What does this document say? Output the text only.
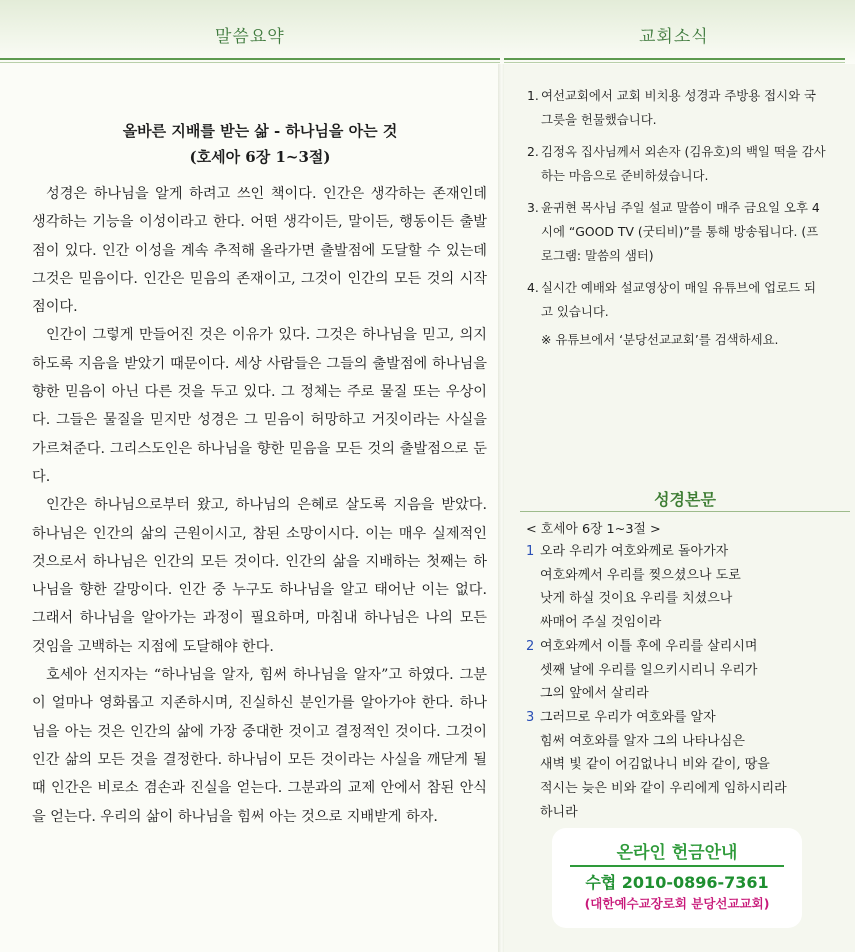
말씀요약	교회소식
올바른 지배를 받는 삶 - 하나님을 아는 것
(호세아 6장 1~3절)

성경은 하나님을 알게 하려고 쓰인 책이다. 인간은 생각하는 존재인데 생각하는 기능을 이성이라고 한다. 어떤 생각이든, 말이든, 행동이든 출발점이 있다. 인간 이성을 계속 추적해 올라가면 출발점에 도달할 수 있는데 그것은 믿음이다. 인간은 믿음의 존재이고, 그것이 인간의 모든 것의 시작점이다.

인간이 그렇게 만들어진 것은 이유가 있다. 그것은 하나님을 믿고, 의지하도록 지음을 받았기 때문이다. 세상 사람들은 그들의 출발점에 하나님을 향한 믿음이 아닌 다른 것을 두고 있다. 그 정체는 주로 물질 또는 우상이다. 그들은 물질을 믿지만 성경은 그 믿음이 허망하고 거짓이라는 사실을 가르쳐준다. 그리스도인은 하나님을 향한 믿음을 모든 것의 출발점으로 둔다.

인간은 하나님으로부터 왔고, 하나님의 은혜로 살도록 지음을 받았다. 하나님은 인간의 삶의 근원이시고, 참된 소망이시다. 이는 매우 실제적인 것으로서 하나님은 인간의 모든 것이다. 인간의 삶을 지배하는 첫째는 하나님을 향한 갈망이다. 인간 중 누구도 하나님을 알고 태어난 이는 없다. 그래서 하나님을 알아가는 과정이 필요하며, 마침내 하나님은 나의 모든 것임을 고백하는 지점에 도달해야 한다.

호세아 선지자는 “하나님을 알자, 힘써 하나님을 알자”고 하였다. 그분이 얼마나 영화롭고 지존하시며, 진실하신 분인가를 알아가야 한다. 하나님을 아는 것은 인간의 삶에 가장 중대한 것이고 결정적인 것이다. 그것이 인간 삶의 모든 것을 결정한다. 하나님이 모든 것이라는 사실을 깨닫게 될 때 인간은 비로소 겸손과 진실을 얻는다. 그분과의 교제 안에서 참된 안식을 얻는다. 우리의 삶이 하나님을 힘써 아는 것으로 지배받게 하자.

1. 여선교회에서 교회 비치용 성경과 주방용 접시와 국그릇을 헌물했습니다.
2. 김정옥 집사님께서 외손자 (김유호)의 백일 떡을 감사하는 마음으로 준비하셨습니다.
3. 윤귀현 목사님 주일 설교 말씀이 매주 금요일 오후 4시에 “GOOD TV (굿티비)”를 통해 방송됩니다. (프로그램: 말씀의 샘터)
4. 실시간 예배와 설교영상이 매일 유튜브에 업로드 되고 있습니다.
※ 유튜브에서 ‘분당선교교회’를 검색하세요.
성경본문
< 호세아 6장 1~3절 >
1 오라 우리가 여호와께로 돌아가자
여호와께서 우리를 찢으셨으나 도로
낫게 하실 것이요 우리를 치셨으나
싸매어 주실 것임이라
2 여호와께서 이틀 후에 우리를 살리시며
셋째 날에 우리를 일으키시리니 우리가
그의 앞에서 살리라
3 그러므로 우리가 여호와를 알자
힘써 여호와를 알자 그의 나타나심은
새벽 빛 같이 어김없나니 비와 같이, 땅을
적시는 늦은 비와 같이 우리에게 임하시리라
하니라
온라인 헌금안내
수협 2010-0896-7361
(대한예수교장로회 분당선교교회)
